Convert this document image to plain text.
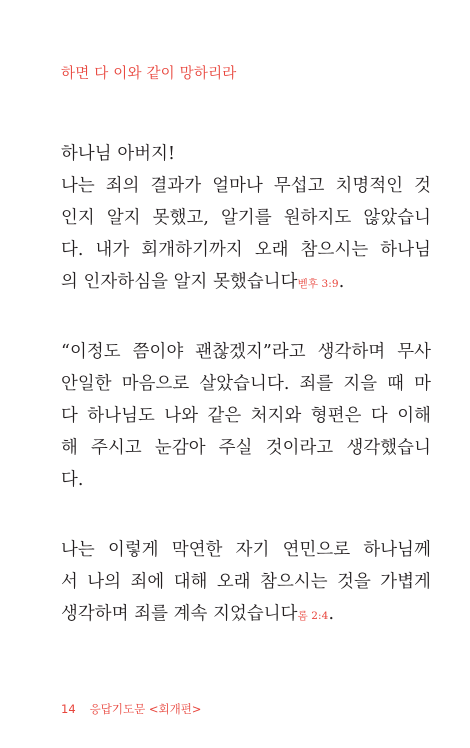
하면 다 이와 같이 망하리라
하나님 아버지!
나는 죄의 결과가 얼마나 무섭고 치명적인 것
인지 알지 못했고, 알기를 원하지도 않았습니
다. 내가 회개하기까지 오래 참으시는 하나님
의 인자하심을 알지 못했습니다벧후 3:9.
“이정도 쯤이야 괜찮겠지”라고 생각하며 무사
안일한 마음으로 살았습니다. 죄를 지을 때 마
다 하나님도 나와 같은 처지와 형편은 다 이해
해 주시고 눈감아 주실 것이라고 생각했습니
다.
나는 이렇게 막연한 자기 연민으로 하나님께
서 나의 죄에 대해 오래 참으시는 것을 가볍게
생각하며 죄를 계속 지었습니다롬 2:4.
14 응답기도문 <회개편>
